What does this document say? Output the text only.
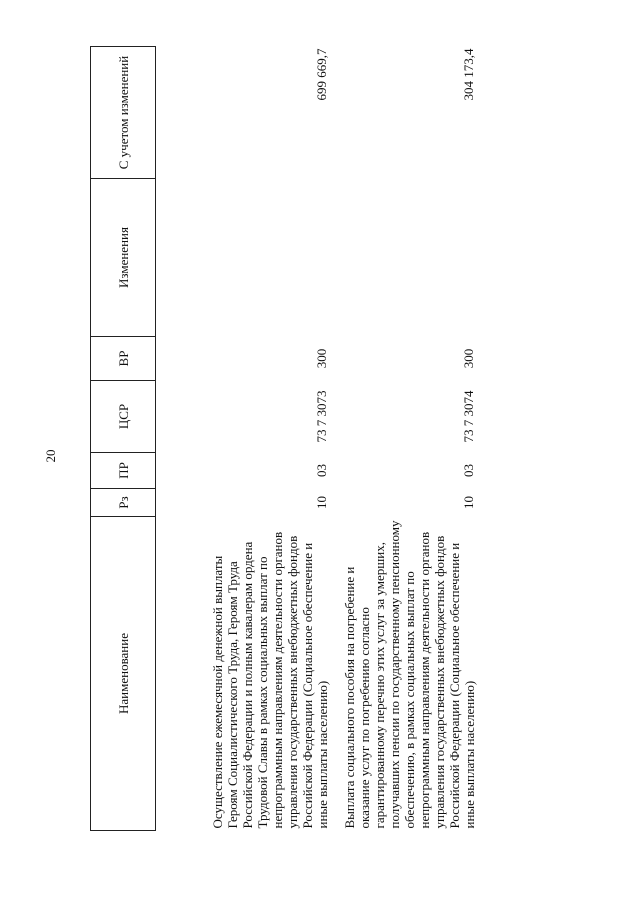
20
Наименование	Рз	ПР	ЦСР	ВР	Изменения	С учетом изменений
Осуществление ежемесячной денежной выплаты Героям Социалистического Труда, Героям Труда Российской Федерации и полным кавалерам ордена Трудовой Славы в рамках социальных выплат по непрограммным направлениям деятельности органов управления государственных внебюджетных фондов Российской Федерации (Социальное обеспечение и иные выплаты населению)	10	03	73 7 3073	300		699 669,7
Выплата социального пособия на погребение и оказание услуг по погребению согласно гарантированному перечню этих услуг за умерших, получавших пенсии по государственному пенсионному обеспечению, в рамках социальных выплат по непрограммным направлениям деятельности органов управления государственных внебюджетных фондов Российской Федерации (Социальное обеспечение и иные выплаты населению)	10	03	73 7 3074	300		304 173,4
